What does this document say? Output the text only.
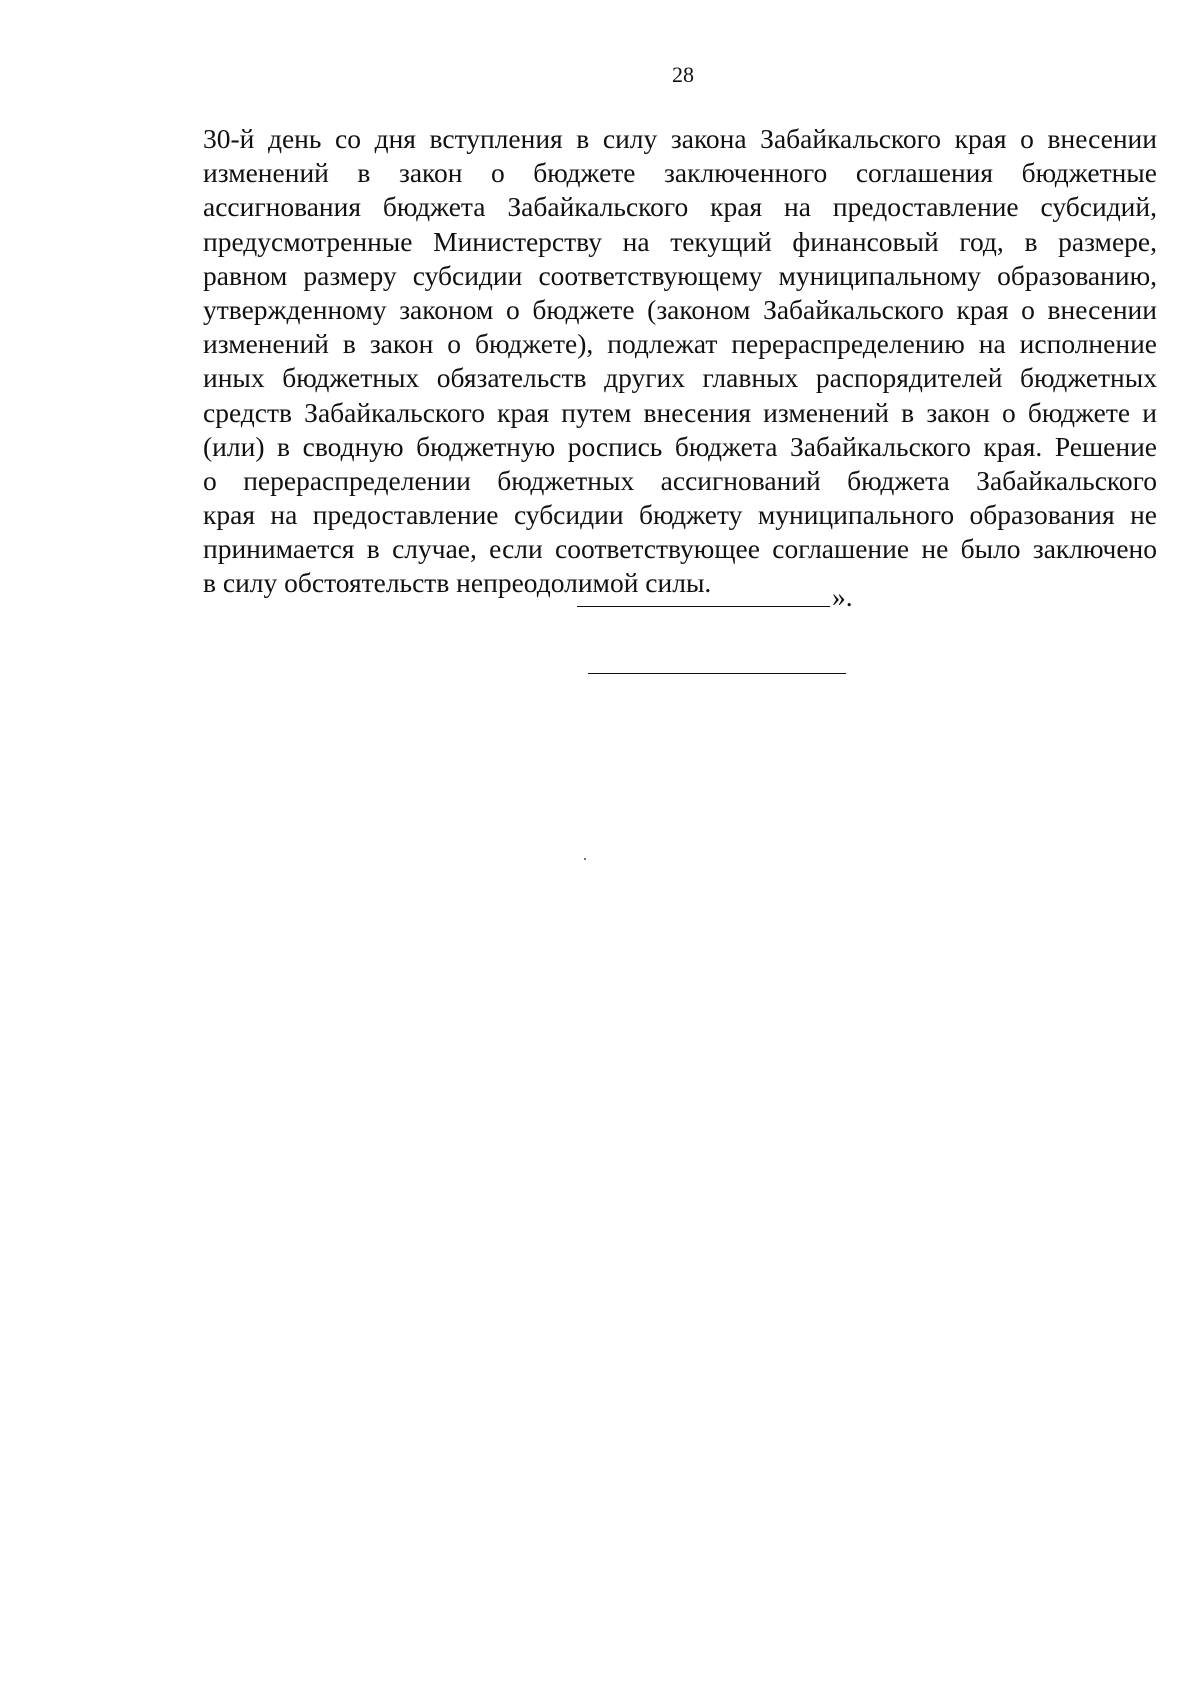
28
30-й день со дня вступления в силу закона Забайкальского края о внесении
изменений в закон о бюджете заключенного соглашения бюджетные
ассигнования бюджета Забайкальского края на предоставление субсидий,
предусмотренные Министерству на текущий финансовый год, в размере,
равном размеру субсидии соответствующему муниципальному образованию,
утвержденному законом о бюджете (законом Забайкальского края о внесении
изменений в закон о бюджете), подлежат перераспределению на исполнение
иных бюджетных обязательств других главных распорядителей бюджетных
средств Забайкальского края путем внесения изменений в закон о бюджете и
(или) в сводную бюджетную роспись бюджета Забайкальского края. Решение
о перераспределении бюджетных ассигнований бюджета Забайкальского
края на предоставление субсидии бюджету муниципального образования не
принимается в случае, если соответствующее соглашение не было заключено
в силу обстоятельств непреодолимой силы.	».
